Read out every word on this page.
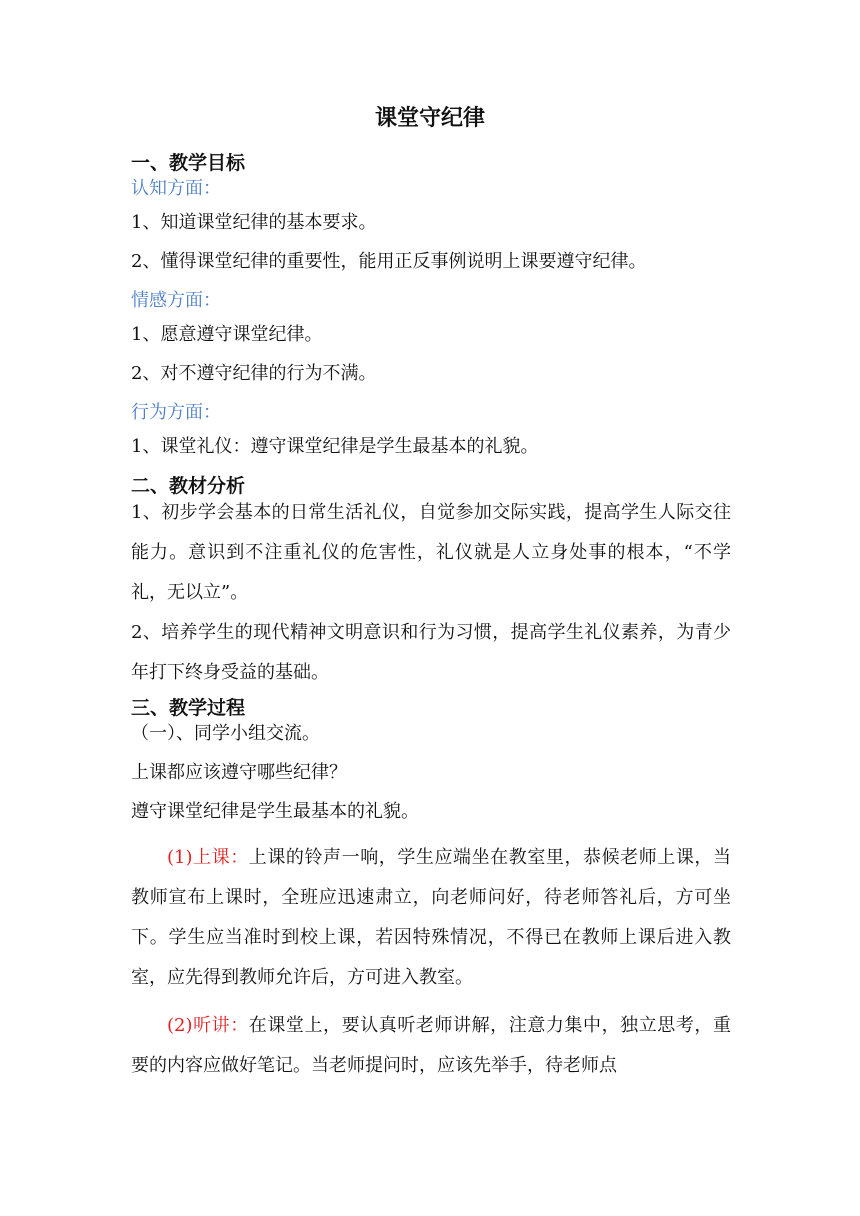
课堂守纪律
一、教学目标
认知方面：
1、知道课堂纪律的基本要求。
2、懂得课堂纪律的重要性，能用正反事例说明上课要遵守纪律。
情感方面：
1、愿意遵守课堂纪律。
2、对不遵守纪律的行为不满。
行为方面：
1、课堂礼仪：遵守课堂纪律是学生最基本的礼貌。
二、教材分析
1、初步学会基本的日常生活礼仪，自觉参加交际实践，提高学生人际交往能力。意识到不注重礼仪的危害性，礼仪就是人立身处事的根本，“不学礼，无以立”。
2、培养学生的现代精神文明意识和行为习惯，提高学生礼仪素养，为青少年打下终身受益的基础。
三、教学过程
（一）、同学小组交流。
上课都应该遵守哪些纪律？
遵守课堂纪律是学生最基本的礼貌。
(1)上课：上课的铃声一响，学生应端坐在教室里，恭候老师上课，当教师宣布上课时，全班应迅速肃立，向老师问好，待老师答礼后，方可坐下。学生应当准时到校上课，若因特殊情况，不得已在教师上课后进入教室，应先得到教师允许后，方可进入教室。
(2)听讲：在课堂上，要认真听老师讲解，注意力集中，独立思考，重要的内容应做好笔记。当老师提问时，应该先举手，待老师点
